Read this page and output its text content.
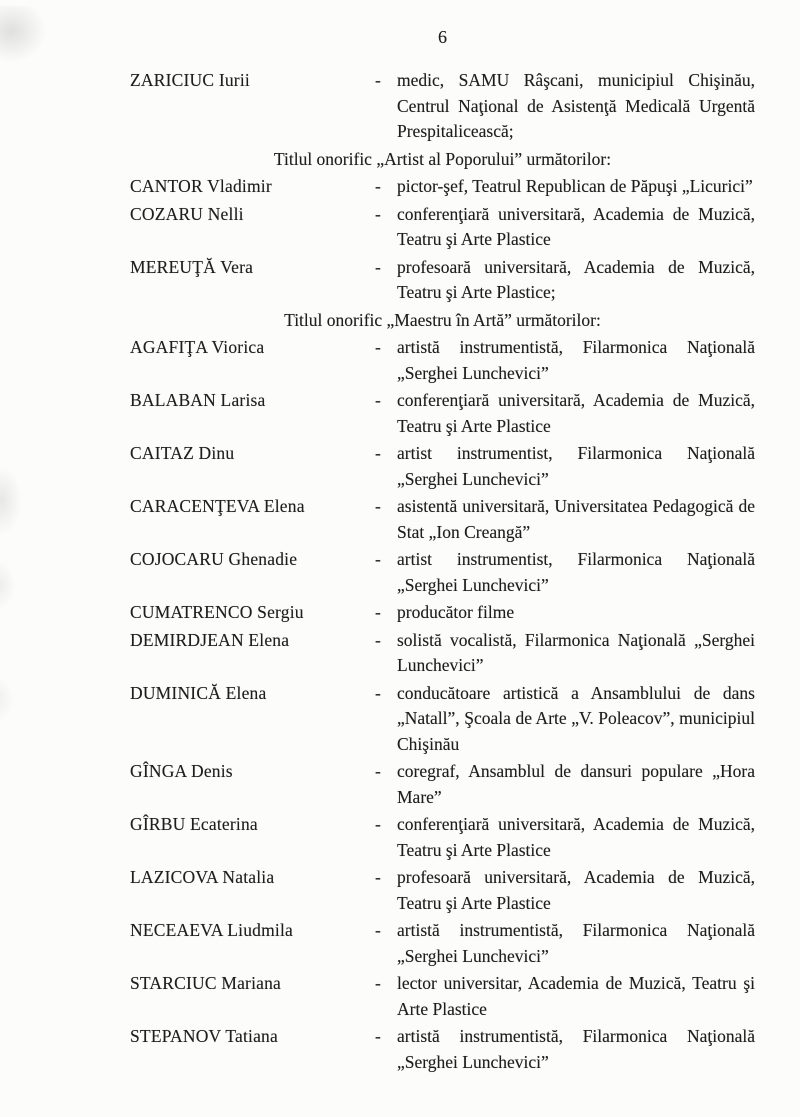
6
ZARICIUC Iurii	- medic, SAMU Râşcani, municipiul Chişinău, Centrul Naţional de Asistenţă Medicală Urgentă Prespitalicească;
Titlul onorific „Artist al Poporului” următorilor:
CANTOR Vladimir	- pictor-şef, Teatrul Republican de Păpuşi „Licurici”
COZARU Nelli	- conferenţiară universitară, Academia de Muzică, Teatru şi Arte Plastice
MEREUŢĂ Vera	- profesoară universitară, Academia de Muzică, Teatru şi Arte Plastice;
Titlul onorific „Maestru în Artă” următorilor:
AGAFIŢA Viorica	- artistă instrumentistă, Filarmonica Naţională „Serghei Lunchevici”
BALABAN Larisa	- conferenţiară universitară, Academia de Muzică, Teatru şi Arte Plastice
CAITAZ Dinu	- artist instrumentist, Filarmonica Naţională „Serghei Lunchevici”
CARACENŢEVA Elena	- asistentă universitară, Universitatea Pedagogică de Stat „Ion Creangă”
COJOCARU Ghenadie	- artist instrumentist, Filarmonica Naţională „Serghei Lunchevici”
CUMATRENCO Sergiu	- producător filme
DEMIRDJEAN Elena	- solistă vocalistă, Filarmonica Naţională „Serghei Lunchevici”
DUMINICĂ Elena	- conducătoare artistică a Ansamblului de dans „Natall”, Şcoala de Arte „V. Poleacov”, municipiul Chişinău
GÎNGA Denis	- coregraf, Ansamblul de dansuri populare „Hora Mare”
GÎRBU Ecaterina	- conferenţiară universitară, Academia de Muzică, Teatru şi Arte Plastice
LAZICOVA Natalia	- profesoară universitară, Academia de Muzică, Teatru şi Arte Plastice
NECEAEVA Liudmila	- artistă instrumentistă, Filarmonica Naţională „Serghei Lunchevici”
STARCIUC Mariana	- lector universitar, Academia de Muzică, Teatru şi Arte Plastice
STEPANOV Tatiana	- artistă instrumentistă, Filarmonica Naţională „Serghei Lunchevici”
